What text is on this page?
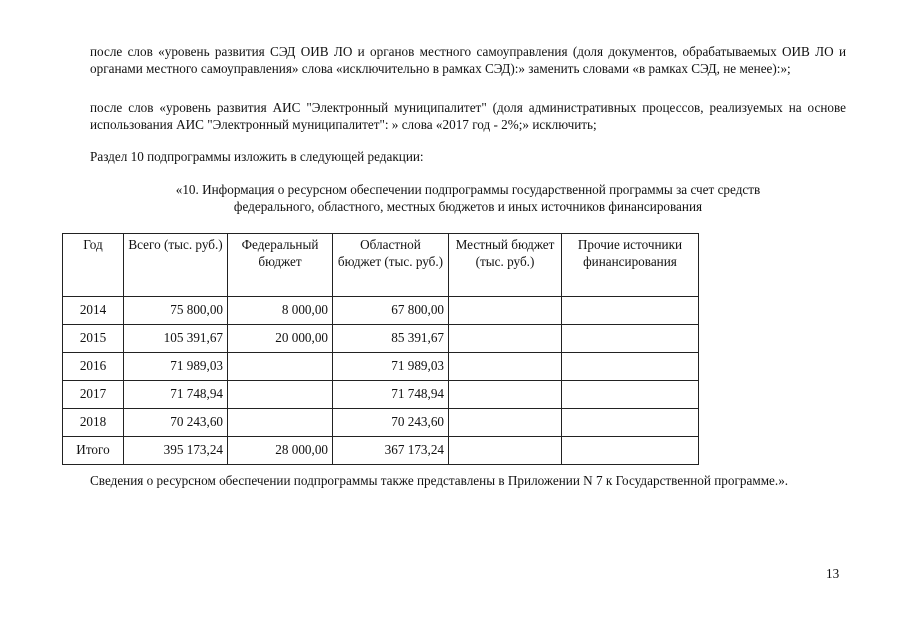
после слов «уровень развития СЭД ОИВ ЛО и органов местного самоуправления (доля документов, обрабатываемых ОИВ ЛО и органами местного самоуправления» слова «исключительно в рамках СЭД):» заменить словами «в рамках СЭД, не менее):»;

после слов «уровень развития АИС "Электронный муниципалитет" (доля административных процессов, реализуемых на основе использования АИС "Электронный муниципалитет": » слова «2017 год - 2%;» исключить;

Раздел 10 подпрограммы изложить в следующей редакции:

«10. Информация о ресурсном обеспечении подпрограммы государственной программы за счет средств
федерального, областного, местных бюджетов и иных источников финансирования
Год	Всего (тыс. руб.)	Федеральный бюджет	Областной бюджет (тыс. руб.)	Местный бюджет (тыс. руб.)	Прочие источники финансирования
2014	75 800,00	8 000,00	67 800,00		
2015	105 391,67	20 000,00	85 391,67		
2016	71 989,03		71 989,03		
2017	71 748,94		71 748,94		
2018	70 243,60		70 243,60		
Итого	395 173,24	28 000,00	367 173,24		

Сведения о ресурсном обеспечении подпрограммы также представлены в Приложении N 7 к Государственной программе.».

13
